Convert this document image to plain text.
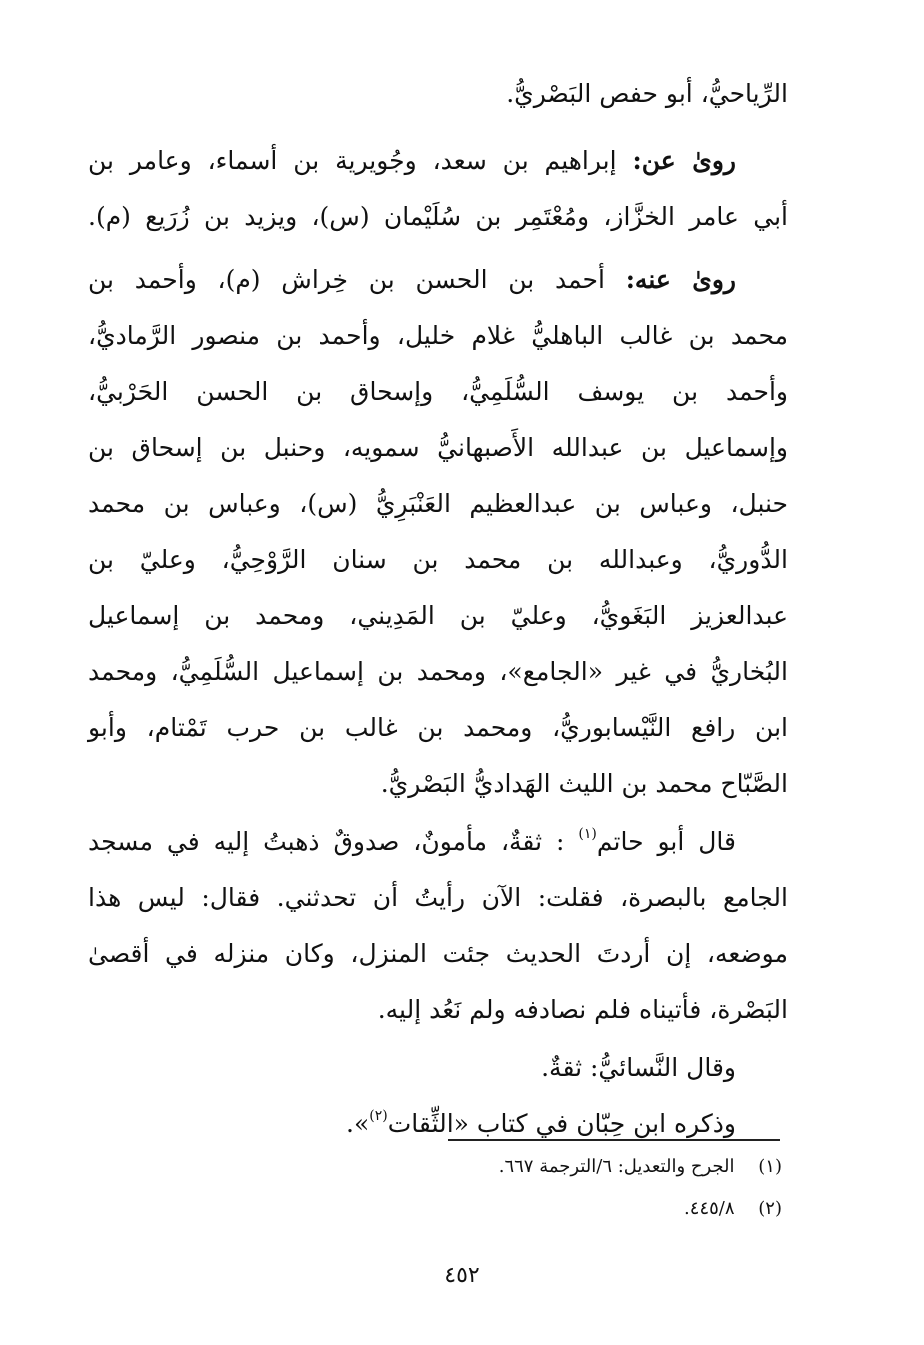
الرِّياحيُّ، أبو حفص البَصْريُّ.
روىٰ عن: إبراهيم بن سعد، وجُويرية بن أسماء، وعامر بن
أبي عامر الخزَّاز، ومُعْتَمِر بن سُلَيْمان (س)، ويزيد بن زُرَيع (م).
روىٰ عنه: أحمد بن الحسن بن خِراش (م)، وأحمد بن
محمد بن غالب الباهليُّ غلام خليل، وأحمد بن منصور الرَّماديُّ،
وأحمد بن يوسف السُّلَمِيُّ، وإسحاق بن الحسن الحَرْبيُّ،
وإسماعيل بن عبدالله الأَصبهانيُّ سمويه، وحنبل بن إسحاق بن
حنبل، وعباس بن عبدالعظيم العَنْبَرِيُّ (س)، وعباس بن محمد
الدُّوريُّ، وعبدالله بن محمد بن سنان الرَّوْحِيُّ، وعليّ بن
عبدالعزيز البَغَويُّ، وعليّ بن المَدِيني، ومحمد بن إسماعيل
البُخاريُّ في غير «الجامع»، ومحمد بن إسماعيل السُّلَمِيُّ، ومحمد
ابن رافع النَّيْسابوريُّ، ومحمد بن غالب بن حرب تَمْتام، وأبو
الصَّبّاح محمد بن الليث الهَداديُّ البَصْريُّ.
قال أبو حاتم$^{(١)}$ : ثقةٌ، مأمونٌ، صدوقٌ ذهبتُ إليه في مسجد
الجامع بالبصرة، فقلت: الآن رأيتُ أن تحدثني. فقال: ليس هذا
موضعه، إن أردتَ الحديث جئت المنزل، وكان منزله في أقصىٰ
البَصْرة، فأتيناه فلم نصادفه ولم نَعُد إليه.
وقال النَّسائيُّ: ثقةٌ.
وذكره ابن حِبّان في كتاب «الثِّقات$^{(٢)}$».
(١) الجرح والتعديل: ٦/الترجمة ٦٦٧.
(٢) ٤٤٥/٨.
٤٥٢
